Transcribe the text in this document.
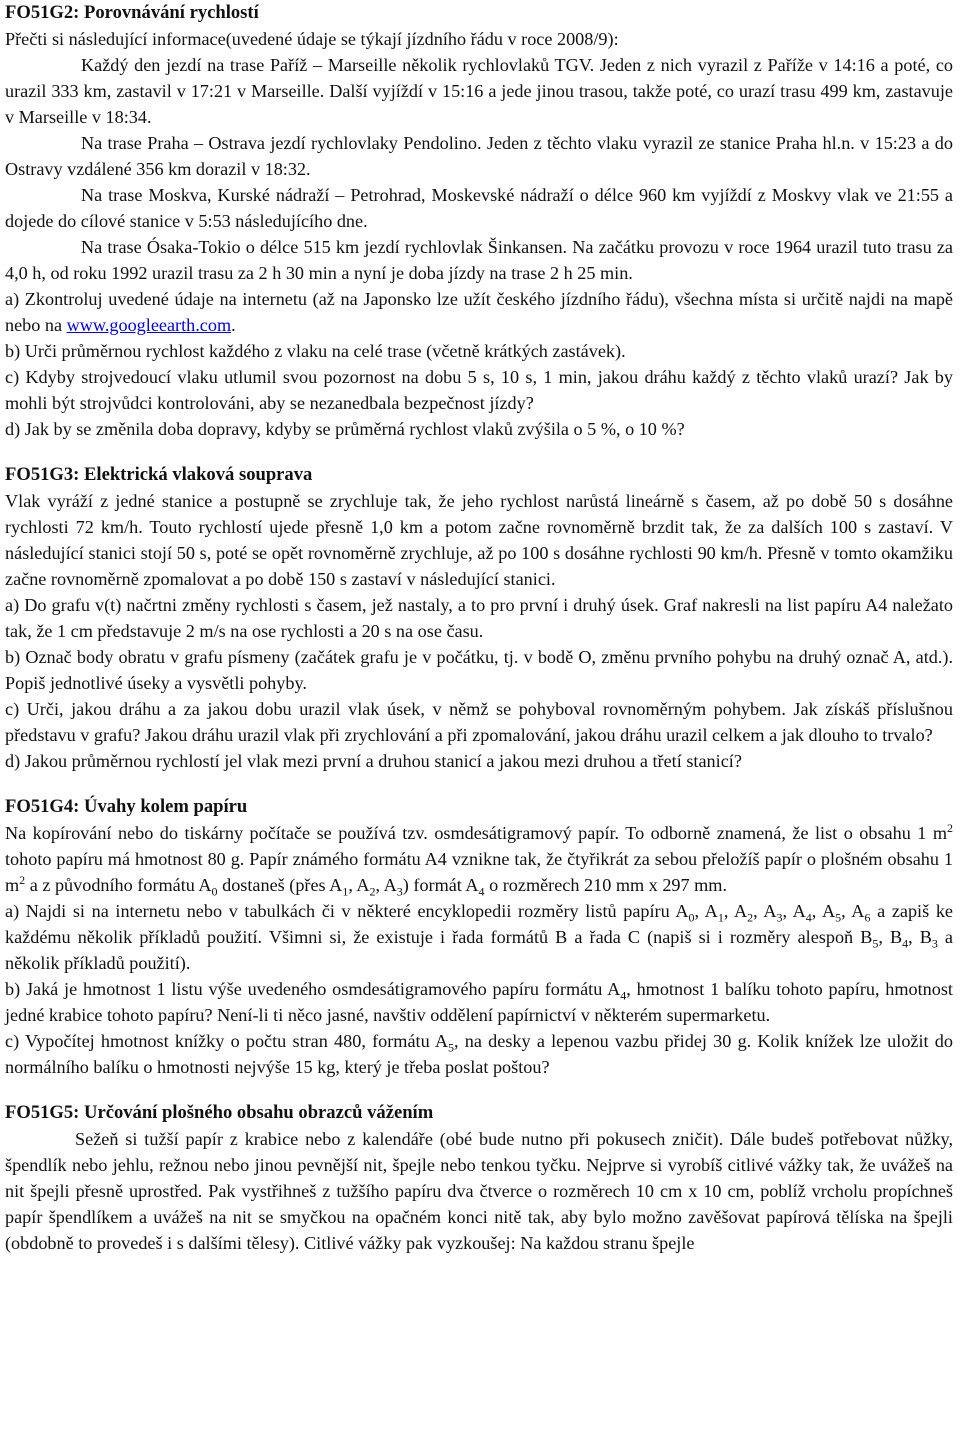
FO51G2: Porovnávání rychlostí

Přečti si následující informace(uvedené údaje se týkají jízdního řádu v roce 2008/9):

Každý den jezdí na trase Paříž – Marseille několik rychlovlaků TGV. Jeden z nich vyrazil z Paříže v 14:16 a poté, co urazil 333 km, zastavil v 17:21 v Marseille. Další vyjíždí v 15:16 a jede jinou trasou, takže poté, co urazí trasu 499 km, zastavuje v Marseille v 18:34.

Na trase Praha – Ostrava jezdí rychlovlaky Pendolino. Jeden z těchto vlaku vyrazil ze stanice Praha hl.n. v 15:23 a do Ostravy vzdálené 356 km dorazil v 18:32.

Na trase Moskva, Kurské nádraží – Petrohrad, Moskevské nádraží o délce 960 km vyjíždí z Moskvy vlak ve 21:55 a dojede do cílové stanice v 5:53 následujícího dne.

Na trase Ósaka-Tokio o délce 515 km jezdí rychlovlak Šinkansen. Na začátku provozu v roce 1964 urazil tuto trasu za 4,0 h, od roku 1992 urazil trasu za 2 h 30 min a nyní je doba jízdy na trase 2 h 25 min.

a) Zkontroluj uvedené údaje na internetu (až na Japonsko lze užít českého jízdního řádu), všechna místa si určitě najdi na mapě nebo na www.googleearth.com.

b) Urči průměrnou rychlost každého z vlaku na celé trase (včetně krátkých zastávek).

c) Kdyby strojvedoucí vlaku utlumil svou pozornost na dobu 5 s, 10 s, 1 min, jakou dráhu každý z těchto vlaků urazí? Jak by mohli být strojvůdci kontrolováni, aby se nezanedbala bezpečnost jízdy?

d) Jak by se změnila doba dopravy, kdyby se průměrná rychlost vlaků zvýšila o 5 %, o 10 %?

FO51G3: Elektrická vlaková souprava

Vlak vyráží z jedné stanice a postupně se zrychluje tak, že jeho rychlost narůstá lineárně s časem, až po době 50 s dosáhne rychlosti 72 km/h. Touto rychlostí ujede přesně 1,0 km a potom začne rovnoměrně brzdit tak, že za dalších 100 s zastaví. V následující stanici stojí 50 s, poté se opět rovnoměrně zrychluje, až po 100 s dosáhne rychlosti 90 km/h. Přesně v tomto okamžiku začne rovnoměrně zpomalovat a po době 150 s zastaví v následující stanici.

a) Do grafu v(t) načrtni změny rychlosti s časem, jež nastaly, a to pro první i druhý úsek. Graf nakresli na list papíru A4 naležato tak, že 1 cm představuje 2 m/s na ose rychlosti a 20 s na ose času.

b) Označ body obratu v grafu písmeny (začátek grafu je v počátku, tj. v bodě O, změnu prvního pohybu na druhý označ A, atd.). Popiš jednotlivé úseky a vysvětli pohyby.

c) Urči, jakou dráhu a za jakou dobu urazil vlak úsek, v němž se pohyboval rovnoměrným pohybem. Jak získáš příslušnou představu v grafu? Jakou dráhu urazil vlak při zrychlování a při zpomalování, jakou dráhu urazil celkem a jak dlouho to trvalo?

d) Jakou průměrnou rychlostí jel vlak mezi první a druhou stanicí a jakou mezi druhou a třetí stanicí?

FO51G4: Úvahy kolem papíru

Na kopírování nebo do tiskárny počítače se používá tzv. osmdesátigramový papír. To odborně znamená, že list o obsahu 1 $m^2$ tohoto papíru má hmotnost 80 g. Papír známého formátu A4 vznikne tak, že čtyřikrát za sebou přeložíš papír o plošném obsahu 1 $m^2$ a z původního formátu $A_0$ dostaneš (přes $A_1$, $A_2$, $A_3$) formát $A_4$ o rozměrech 210 mm x 297 mm.

a) Najdi si na internetu nebo v tabulkách či v některé encyklopedii rozměry listů papíru $A_0$, $A_1$, $A_2$, $A_3$, $A_4$, $A_5$, $A_6$ a zapiš ke každému několik příkladů použití. Všimni si, že existuje i řada formátů B a řada C (napiš si i rozměry alespoň $B_5$, $B_4$, $B_3$ a několik příkladů použití).

b) Jaká je hmotnost 1 listu výše uvedeného osmdesátigramového papíru formátu $A_4$, hmotnost 1 balíku tohoto papíru, hmotnost jedné krabice tohoto papíru? Není-li ti něco jasné, navštiv oddělení papírnictví v některém supermarketu.

c) Vypočítej hmotnost knížky o počtu stran 480, formátu $A_5$, na desky a lepenou vazbu přidej 30 g. Kolik knížek lze uložit do normálního balíku o hmotnosti nejvýše 15 kg, který je třeba poslat poštou?

FO51G5: Určování plošného obsahu obrazců vážením

Sežeň si tužší papír z krabice nebo z kalendáře (obé bude nutno při pokusech zničit). Dále budeš potřebovat nůžky, špendlík nebo jehlu, režnou nebo jinou pevnější nit, špejle nebo tenkou tyčku. Nejprve si vyrobíš citlivé vážky tak, že uvážeš na nit špejli přesně uprostřed. Pak vystřihneš z tužšího papíru dva čtverce o rozměrech 10 cm x 10 cm, poblíž vrcholu propíchneš papír špendlíkem a uvážeš na nit se smyčkou na opačném konci nitě tak, aby bylo možno zavěšovat papírová tělíska na špejli (obdobně to provedeš i s dalšími tělesy). Citlivé vážky pak vyzkoušej: Na každou stranu špejle
